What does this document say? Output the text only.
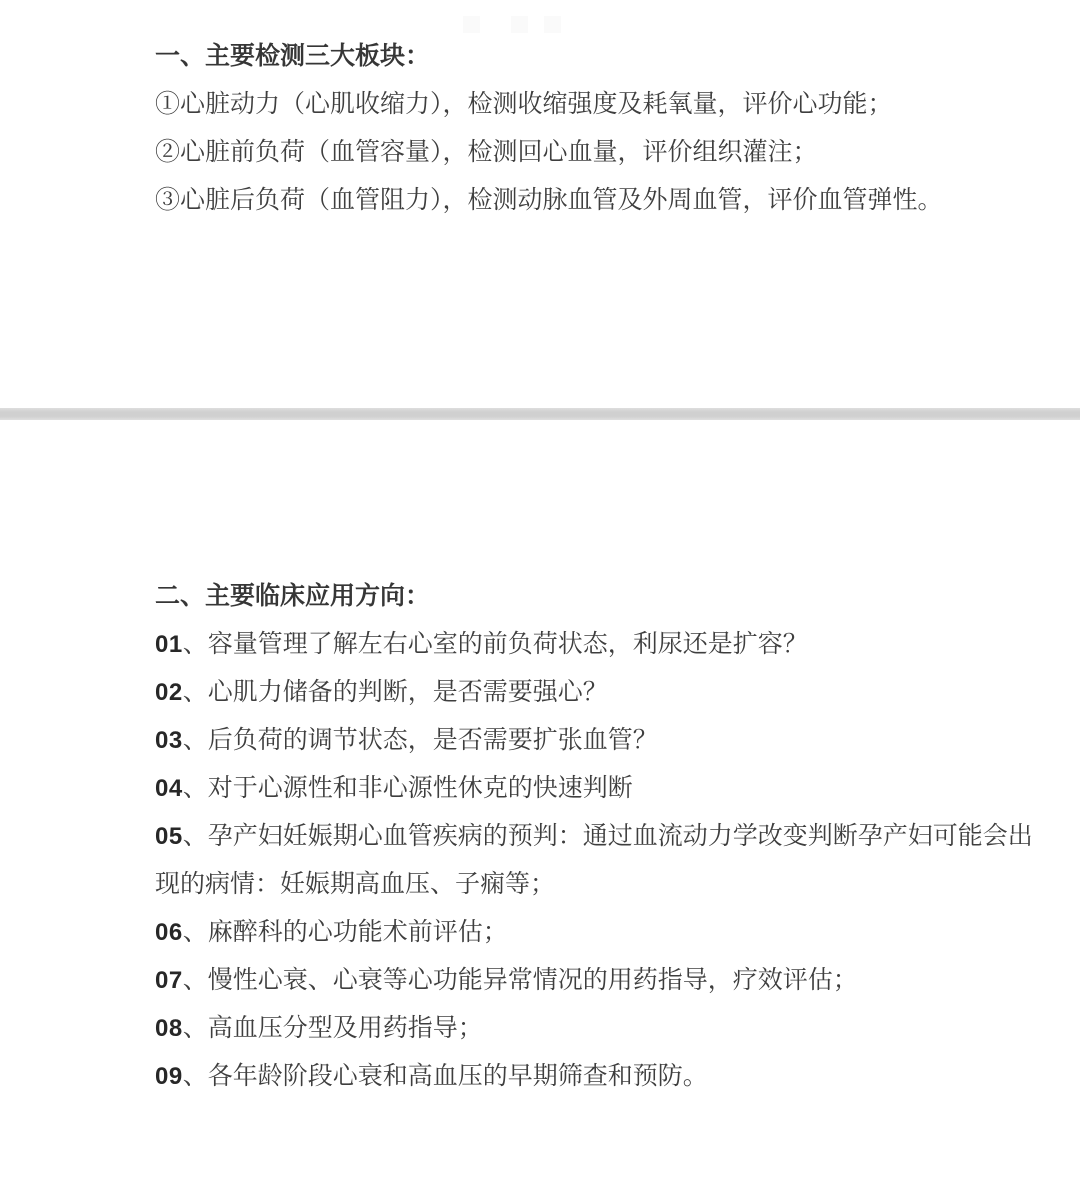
一、主要检测三大板块：

①心脏动力（心肌收缩力），检测收缩强度及耗氧量，评价心功能；

②心脏前负荷（血管容量），检测回心血量，评价组织灌注；

③心脏后负荷（血管阻力），检测动脉血管及外周血管，评价血管弹性。

二、主要临床应用方向：

01、容量管理了解左右心室的前负荷状态，利尿还是扩容？

02、心肌力储备的判断，是否需要强心？

03、后负荷的调节状态，是否需要扩张血管？

04、对于心源性和非心源性休克的快速判断

05、孕产妇妊娠期心血管疾病的预判：通过血流动力学改变判断孕产妇可能会出现的病情：妊娠期高血压、子痫等；

06、麻醉科的心功能术前评估；

07、慢性心衰、心衰等心功能异常情况的用药指导，疗效评估；

08、高血压分型及用药指导；

09、各年龄阶段心衰和高血压的早期筛查和预防。
